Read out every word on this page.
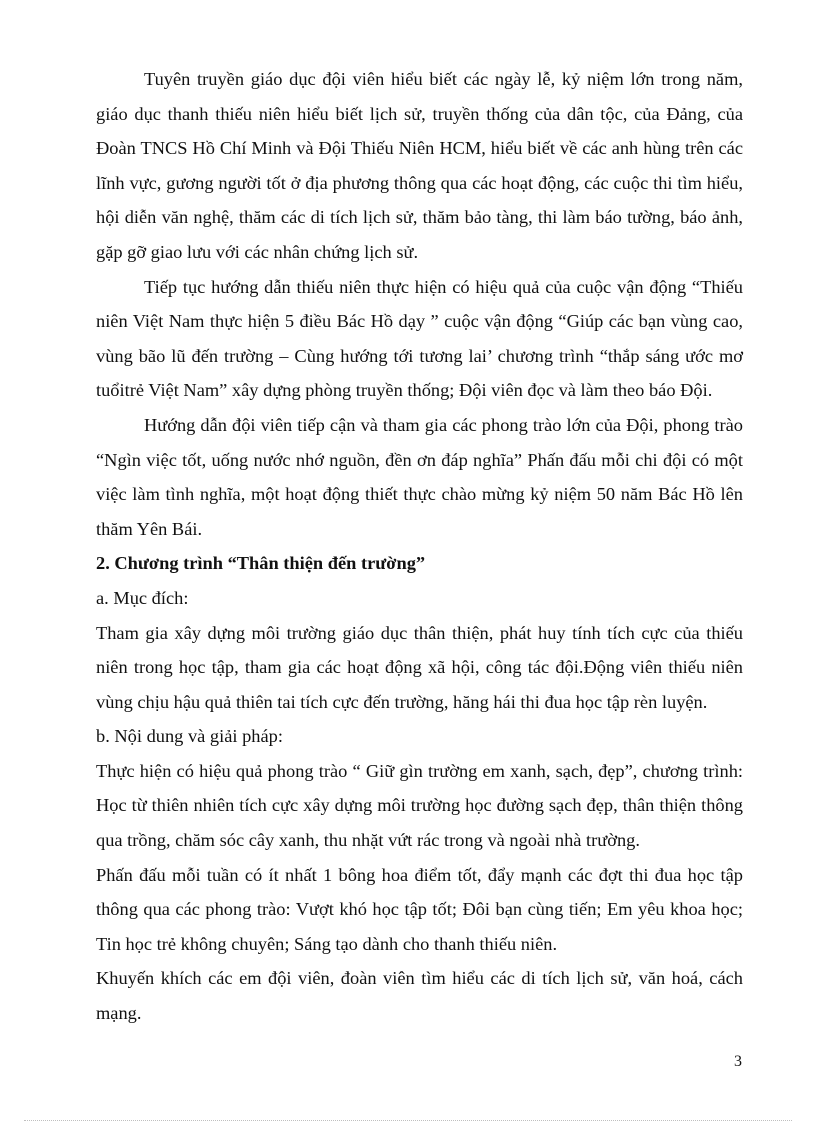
Tuyên truyền giáo dục đội viên hiểu biết các ngày lễ, kỷ niệm lớn trong năm, giáo dục thanh thiếu niên hiểu biết lịch sử, truyền thống của dân tộc, của Đảng, của Đoàn TNCS Hồ Chí Minh và Đội Thiếu Niên HCM, hiểu biết về các anh hùng trên các lĩnh vực, gương người tốt ở địa phương thông qua các hoạt động, các cuộc thi tìm hiểu, hội diễn văn nghệ, thăm các di tích lịch sử, thăm bảo tàng, thi làm báo tường, báo ảnh, gặp gỡ giao lưu với các nhân chứng lịch sử.

Tiếp tục hướng dẫn thiếu niên thực hiện có hiệu quả của cuộc vận động “Thiếu niên Việt Nam thực hiện 5 điều Bác Hồ dạy ” cuộc vận động “Giúp các bạn vùng cao, vùng bão lũ đến trường – Cùng hướng tới tương lai’ chương trình “thắp sáng ước mơ tuổitrẻ Việt Nam” xây dựng phòng truyền thống; Đội viên đọc và làm theo báo Đội.

Hướng dẫn đội viên tiếp cận và tham gia các phong trào lớn của Đội, phong trào “Ngìn việc tốt, uống nước nhớ nguồn, đền ơn đáp nghĩa” Phấn đấu mỗi chi đội có một việc làm tình nghĩa, một hoạt động thiết thực chào mừng kỷ niệm 50 năm Bác Hồ lên thăm Yên Bái.

2. Chương trình “Thân thiện đến trường”

a. Mục đích:

Tham gia xây dựng môi trường giáo dục thân thiện, phát huy tính tích cực của thiếu niên trong học tập, tham gia các hoạt động xã hội, công tác đội.Động viên thiếu niên vùng chịu hậu quả thiên tai tích cực đến trường, hăng hái thi đua học tập rèn luyện.

b. Nội dung và giải pháp:

Thực hiện có hiệu quả phong trào “ Giữ gìn trường em xanh, sạch, đẹp”, chương trình: Học từ thiên nhiên tích cực xây dựng môi trường học đường sạch đẹp, thân thiện thông qua trồng, chăm sóc cây xanh, thu nhặt vứt rác trong và ngoài nhà trường.

Phấn đấu mỗi tuần có ít nhất 1 bông hoa điểm tốt, đẩy mạnh các đợt thi đua học tập thông qua các phong trào: Vượt khó học tập tốt; Đôi bạn cùng tiến; Em yêu khoa học; Tin học trẻ không chuyên; Sáng tạo dành cho thanh thiếu niên.

Khuyến khích các em đội viên, đoàn viên tìm hiểu các di tích lịch sử, văn hoá, cách mạng.

3
